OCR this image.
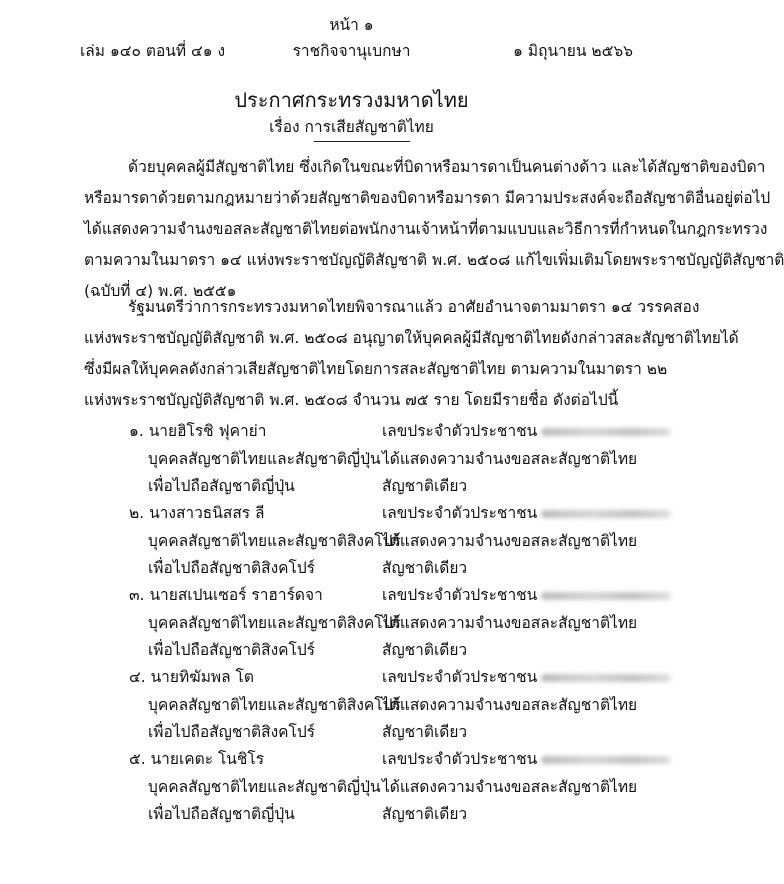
หน้า ๑
เล่ม ๑๔๐ ตอนที่ ๔๑ ง	ราชกิจจานุเบกษา	๑ มิถุนายน ๒๕๖๖
ประกาศกระทรวงมหาดไทย
เรื่อง การเสียสัญชาติไทย
ด้วยบุคคลผู้มีสัญชาติไทย ซึ่งเกิดในขณะที่บิดาหรือมารดาเป็นคนต่างด้าว และได้สัญชาติของบิดา
หรือมารดาด้วยตามกฎหมายว่าด้วยสัญชาติของบิดาหรือมารดา มีความประสงค์จะถือสัญชาติอื่นอยู่ต่อไป
ได้แสดงความจำนงขอสละสัญชาติไทยต่อพนักงานเจ้าหน้าที่ตามแบบและวิธีการที่กำหนดในกฎกระทรวง
ตามความในมาตรา ๑๔ แห่งพระราชบัญญัติสัญชาติ พ.ศ. ๒๕๐๘ แก้ไขเพิ่มเติมโดยพระราชบัญญัติสัญชาติ
(ฉบับที่ ๔) พ.ศ. ๒๕๕๑
รัฐมนตรีว่าการกระทรวงมหาดไทยพิจารณาแล้ว อาศัยอำนาจตามมาตรา ๑๔ วรรคสอง
แห่งพระราชบัญญัติสัญชาติ พ.ศ. ๒๕๐๘ อนุญาตให้บุคคลผู้มีสัญชาติไทยดังกล่าวสละสัญชาติไทยได้
ซึ่งมีผลให้บุคคลดังกล่าวเสียสัญชาติไทยโดยการสละสัญชาติไทย ตามความในมาตรา ๒๒
แห่งพระราชบัญญัติสัญชาติ พ.ศ. ๒๕๐๘ จำนวน ๗๕ ราย โดยมีรายชื่อ ดังต่อไปนี้
๑. นายฮิโรชิ ฟุคาย่า	เลขประจำตัวประชาชน
บุคคลสัญชาติไทยและสัญชาติญี่ปุ่น ได้แสดงความจำนงขอสละสัญชาติไทย
เพื่อไปถือสัญชาติญี่ปุ่น	สัญชาติเดียว
๒. นางสาวธนิสสร ลี	เลขประจำตัวประชาชน
บุคคลสัญชาติไทยและสัญชาติสิงคโปร์
ได้แสดงความจำนงขอสละสัญชาติไทย
เพื่อไปถือสัญชาติสิงคโปร์	สัญชาติเดียว
๓. นายสเปนเซอร์ ราฮาร์ดจา	เลขประจำตัวประชาชน
บุคคลสัญชาติไทยและสัญชาติสิงคโปร์
ได้แสดงความจำนงขอสละสัญชาติไทย
เพื่อไปถือสัญชาติสิงคโปร์	สัญชาติเดียว
๔. นายทิฆัมพล โต	เลขประจำตัวประชาชน
บุคคลสัญชาติไทยและสัญชาติสิงคโปร์
ได้แสดงความจำนงขอสละสัญชาติไทย
เพื่อไปถือสัญชาติสิงคโปร์	สัญชาติเดียว
๕. นายเคตะ โนชิโร	เลขประจำตัวประชาชน
บุคคลสัญชาติไทยและสัญชาติญี่ปุ่น ได้แสดงความจำนงขอสละสัญชาติไทย
เพื่อไปถือสัญชาติญี่ปุ่น	สัญชาติเดียว
